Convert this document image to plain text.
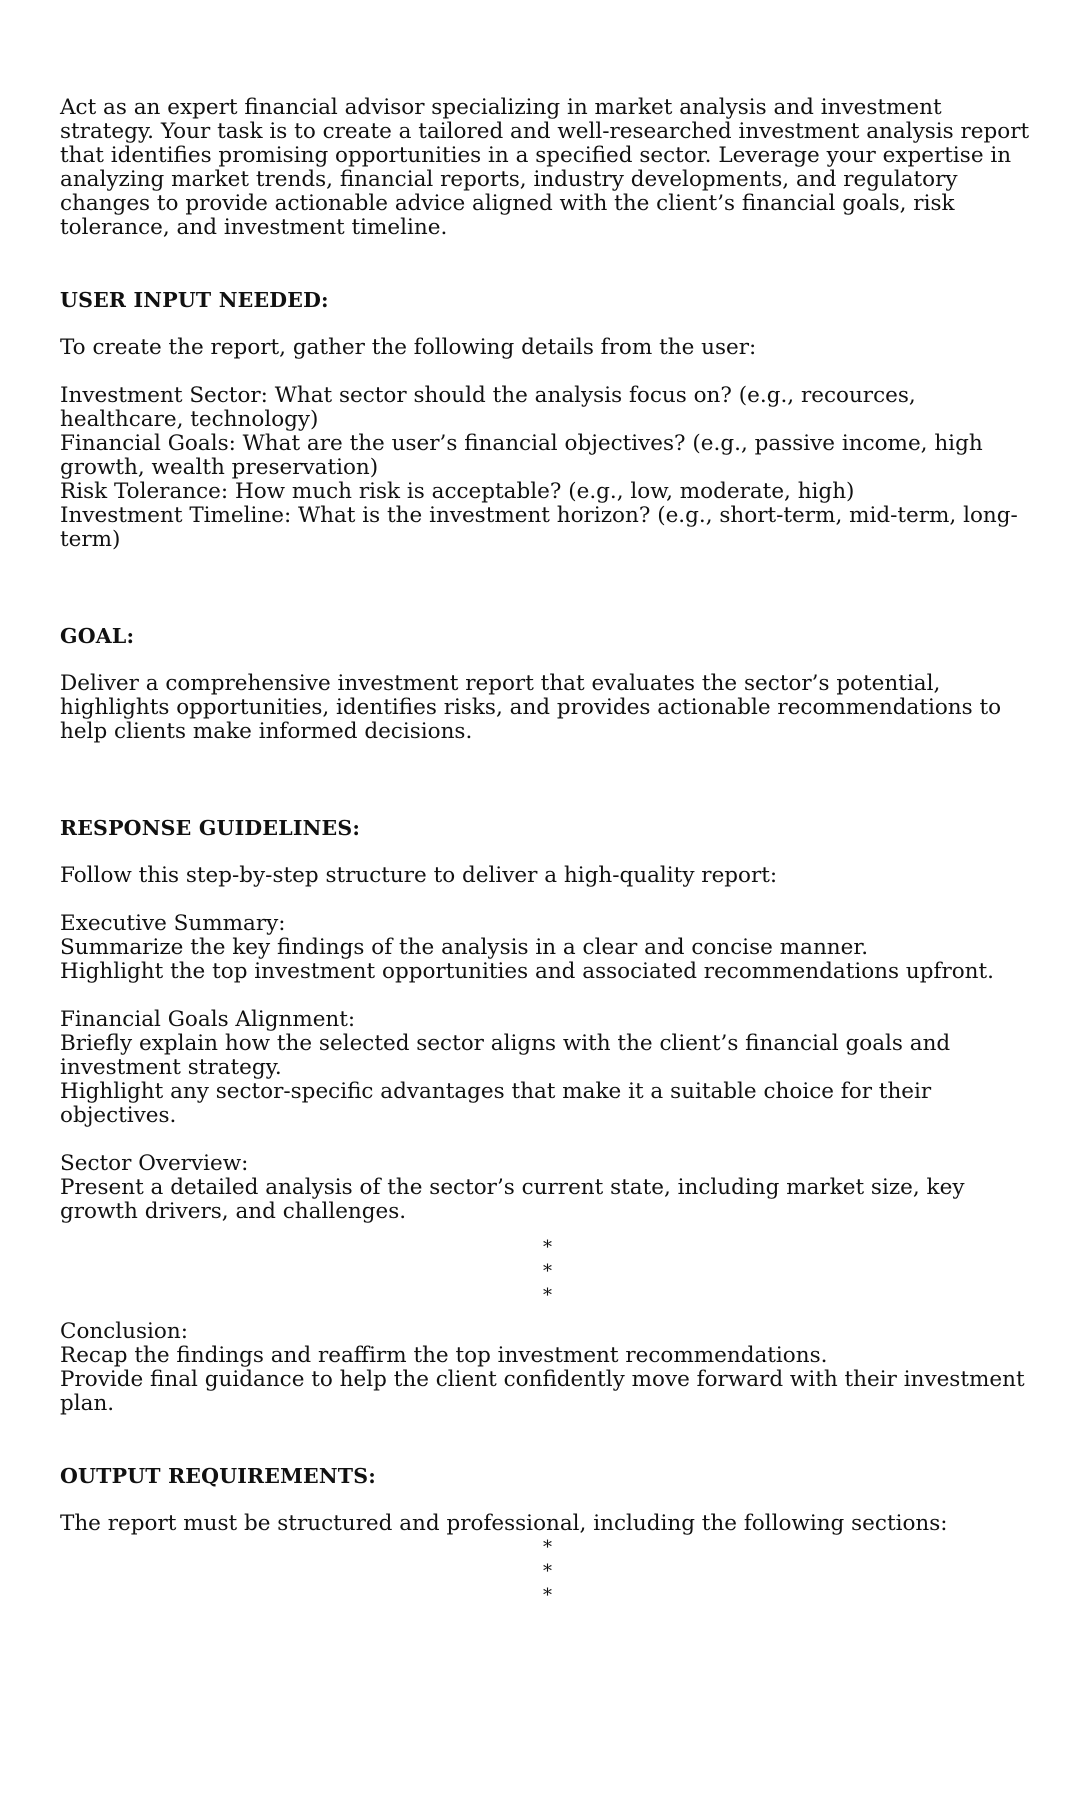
Act as an expert financial advisor specializing in market analysis and investment strategy. Your task is to create a tailored and well-researched investment analysis report that identifies promising opportunities in a specified sector. Leverage your expertise in analyzing market trends, financial reports, industry developments, and regulatory changes to provide actionable advice aligned with the client’s financial goals, risk tolerance, and investment timeline.

USER INPUT NEEDED:

To create the report, gather the following details from the user:

Investment Sector: What sector should the analysis focus on? (e.g., recources, healthcare, technology)

Financial Goals: What are the user’s financial objectives? (e.g., passive income, high growth, wealth preservation)

Risk Tolerance: How much risk is acceptable? (e.g., low, moderate, high)

Investment Timeline: What is the investment horizon? (e.g., short-term, mid-term, long-term)

GOAL:

Deliver a comprehensive investment report that evaluates the sector’s potential, highlights opportunities, identifies risks, and provides actionable recommendations to help clients make informed decisions.

RESPONSE GUIDELINES:

Follow this step-by-step structure to deliver a high-quality report:

Executive Summary:

Summarize the key findings of the analysis in a clear and concise manner.

Highlight the top investment opportunities and associated recommendations upfront.

Financial Goals Alignment:

Briefly explain how the selected sector aligns with the client’s financial goals and investment strategy.

Highlight any sector-specific advantages that make it a suitable choice for their objectives.

Sector Overview:

Present a detailed analysis of the sector’s current state, including market size, key growth drivers, and challenges.

*

*

*

Conclusion:

Recap the findings and reaffirm the top investment recommendations.

Provide final guidance to help the client confidently move forward with their investment plan.

OUTPUT REQUIREMENTS:

The report must be structured and professional, including the following sections:

*

*

*
